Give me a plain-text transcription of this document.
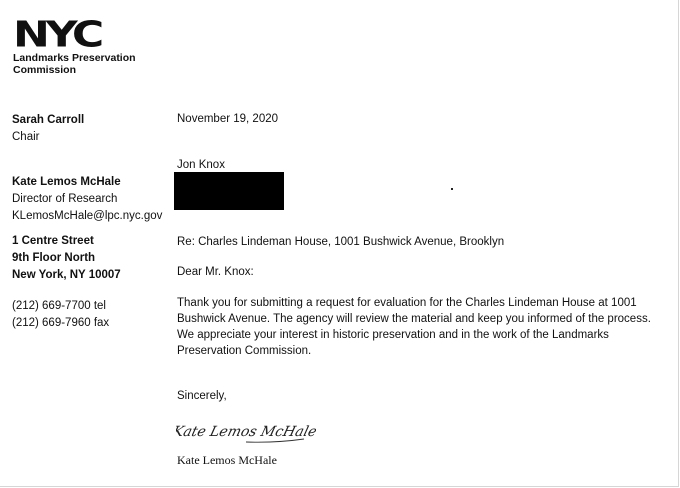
NYC
Landmarks Preservation
Commission
Sarah Carroll
Chair
Kate Lemos McHale
Director of Research
KLemosMcHale@lpc.nyc.gov
1 Centre Street
9th Floor North
New York, NY 10007
(212) 669-7700 tel
(212) 669-7960 fax
November 19, 2020
Jon Knox
Re: Charles Lindeman House, 1001 Bushwick Avenue, Brooklyn
Dear Mr. Knox:
Thank you for submitting a request for evaluation for the Charles Lindeman House at 1001
Bushwick Avenue. The agency will review the material and keep you informed of the process.
We appreciate your interest in historic preservation and in the work of the Landmarks
Preservation Commission.
Sincerely,
Kate Lemos McHale
Kate Lemos McHale
